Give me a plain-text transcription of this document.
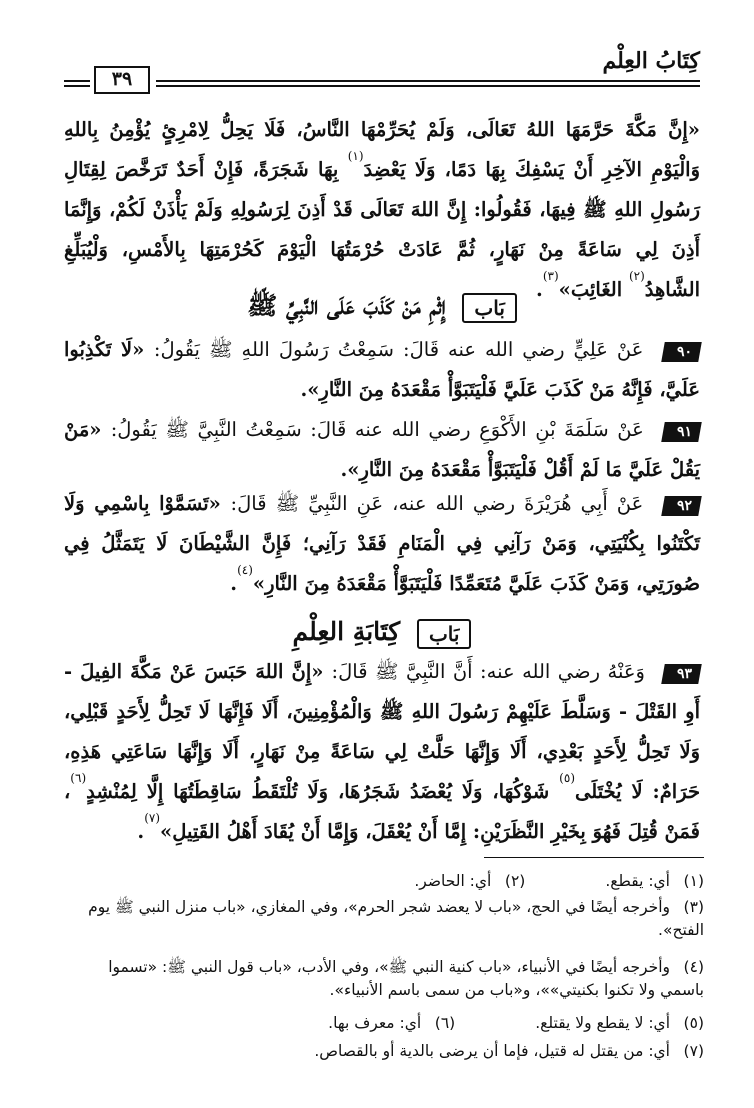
كِتَابُ العِلْم
٣٩
«إِنَّ مَكَّةَ حَرَّمَهَا اللهُ تَعَالَى، وَلَمْ يُحَرِّمْهَا النَّاسُ، فَلَا يَحِلُّ لِامْرِئٍ يُؤْمِنُ بِاللهِ وَالْيَوْمِ الآخِرِ أَنْ يَسْفِكَ بِهَا دَمًا، وَلَا يَعْضِدَ$^{(١)}$ بِهَا شَجَرَةً، فَإِنْ أَحَدٌ تَرَخَّصَ لِقِتَالِ رَسُولِ اللهِ ﷺ فِيهَا، فَقُولُوا: إِنَّ اللهَ تَعَالَى قَدْ أَذِنَ لِرَسُولِهِ وَلَمْ يَأْذَنْ لَكُمْ، وَإِنَّمَا أَذِنَ لِي سَاعَةً مِنْ نَهَارٍ، ثُمَّ عَادَتْ حُرْمَتُهَا الْيَوْمَ كَحُرْمَتِهَا بِالأَمْسِ، وَلْيُبَلِّغِ الشَّاهِدُ$^{(٢)}$ الغَائِبَ»$^{(٣)}$.
بَاب إِثْمِ مَنْ كَذَبَ عَلَى النَّبِيِّ ﷺ
٩٠ عَنْ عَلِيٍّ رضي الله عنه قَالَ: سَمِعْتُ رَسُولَ اللهِ ﷺ يَقُولُ: «لَا تَكْذِبُوا عَلَيَّ، فَإِنَّهُ مَنْ كَذَبَ عَلَيَّ فَلْيَتَبَوَّأْ مَقْعَدَهُ مِنَ النَّارِ».
٩١ عَنْ سَلَمَةَ بْنِ الأَكْوَعِ رضي الله عنه قَالَ: سَمِعْتُ النَّبِيَّ ﷺ يَقُولُ: «مَنْ يَقُلْ عَلَيَّ مَا لَمْ أَقُلْ فَلْيَتَبَوَّأْ مَقْعَدَهُ مِنَ النَّارِ».
٩٢ عَنْ أَبِي هُرَيْرَةَ رضي الله عنه، عَنِ النَّبِيِّ ﷺ قَالَ: «تَسَمَّوْا بِاسْمِي وَلَا تَكْتَنُوا بِكُنْيَتِي، وَمَنْ رَآنِي فِي الْمَنَامِ فَقَدْ رَآنِي؛ فَإِنَّ الشَّيْطَانَ لَا يَتَمَثَّلُ فِي صُورَتِي، وَمَنْ كَذَبَ عَلَيَّ مُتَعَمِّدًا فَلْيَتَبَوَّأْ مَقْعَدَهُ مِنَ النَّارِ»$^{(٤)}$.
بَاب كِتَابَةِ العِلْمِ
٩٣ وَعَنْهُ رضي الله عنه: أَنَّ النَّبِيَّ ﷺ قَالَ: «إِنَّ اللهَ حَبَسَ عَنْ مَكَّةَ الفِيلَ - أَوِ القَتْلَ - وَسَلَّطَ عَلَيْهِمْ رَسُولَ اللهِ ﷺ وَالْمُؤْمِنِينَ، أَلَا فَإِنَّهَا لَا تَحِلُّ لِأَحَدٍ قَبْلِي، وَلَا تَحِلُّ لِأَحَدٍ بَعْدِي، أَلَا وَإِنَّهَا حَلَّتْ لِي سَاعَةً مِنْ نَهَارٍ، أَلَا وَإِنَّهَا سَاعَتِي هَذِهِ، حَرَامٌ: لَا يُخْتَلَى$^{(٥)}$ شَوْكُهَا، وَلَا يُعْضَدُ شَجَرُهَا، وَلَا تُلْتَقَطُ سَاقِطَتُهَا إِلَّا لِمُنْشِدٍ$^{(٦)}$، فَمَنْ قُتِلَ فَهُوَ بِخَيْرِ النَّظَرَيْنِ: إِمَّا أَنْ يُعْقَلَ، وَإِمَّا أَنْ يُقَادَ أَهْلُ القَتِيلِ»$^{(٧)}$.
(١)أي: يقطع.(٢)أي: الحاضر.
(٣)وأخرجه أيضًا في الحج، «باب لا يعضد شجر الحرم»، وفي المغازي، «باب منزل النبي ﷺ يوم الفتح».
(٤)وأخرجه أيضًا في الأنبياء، «باب كنية النبي ﷺ»، وفي الأدب، «باب قول النبي ﷺ: «تسموا باسمي ولا تكنوا بكنيتي»»، و«باب من سمى باسم الأنبياء».
(٥)أي: لا يقطع ولا يقتلع.(٦)أي: معرف بها.
(٧)أي: من يقتل له قتيل، فإما أن يرضى بالدية أو بالقصاص.
